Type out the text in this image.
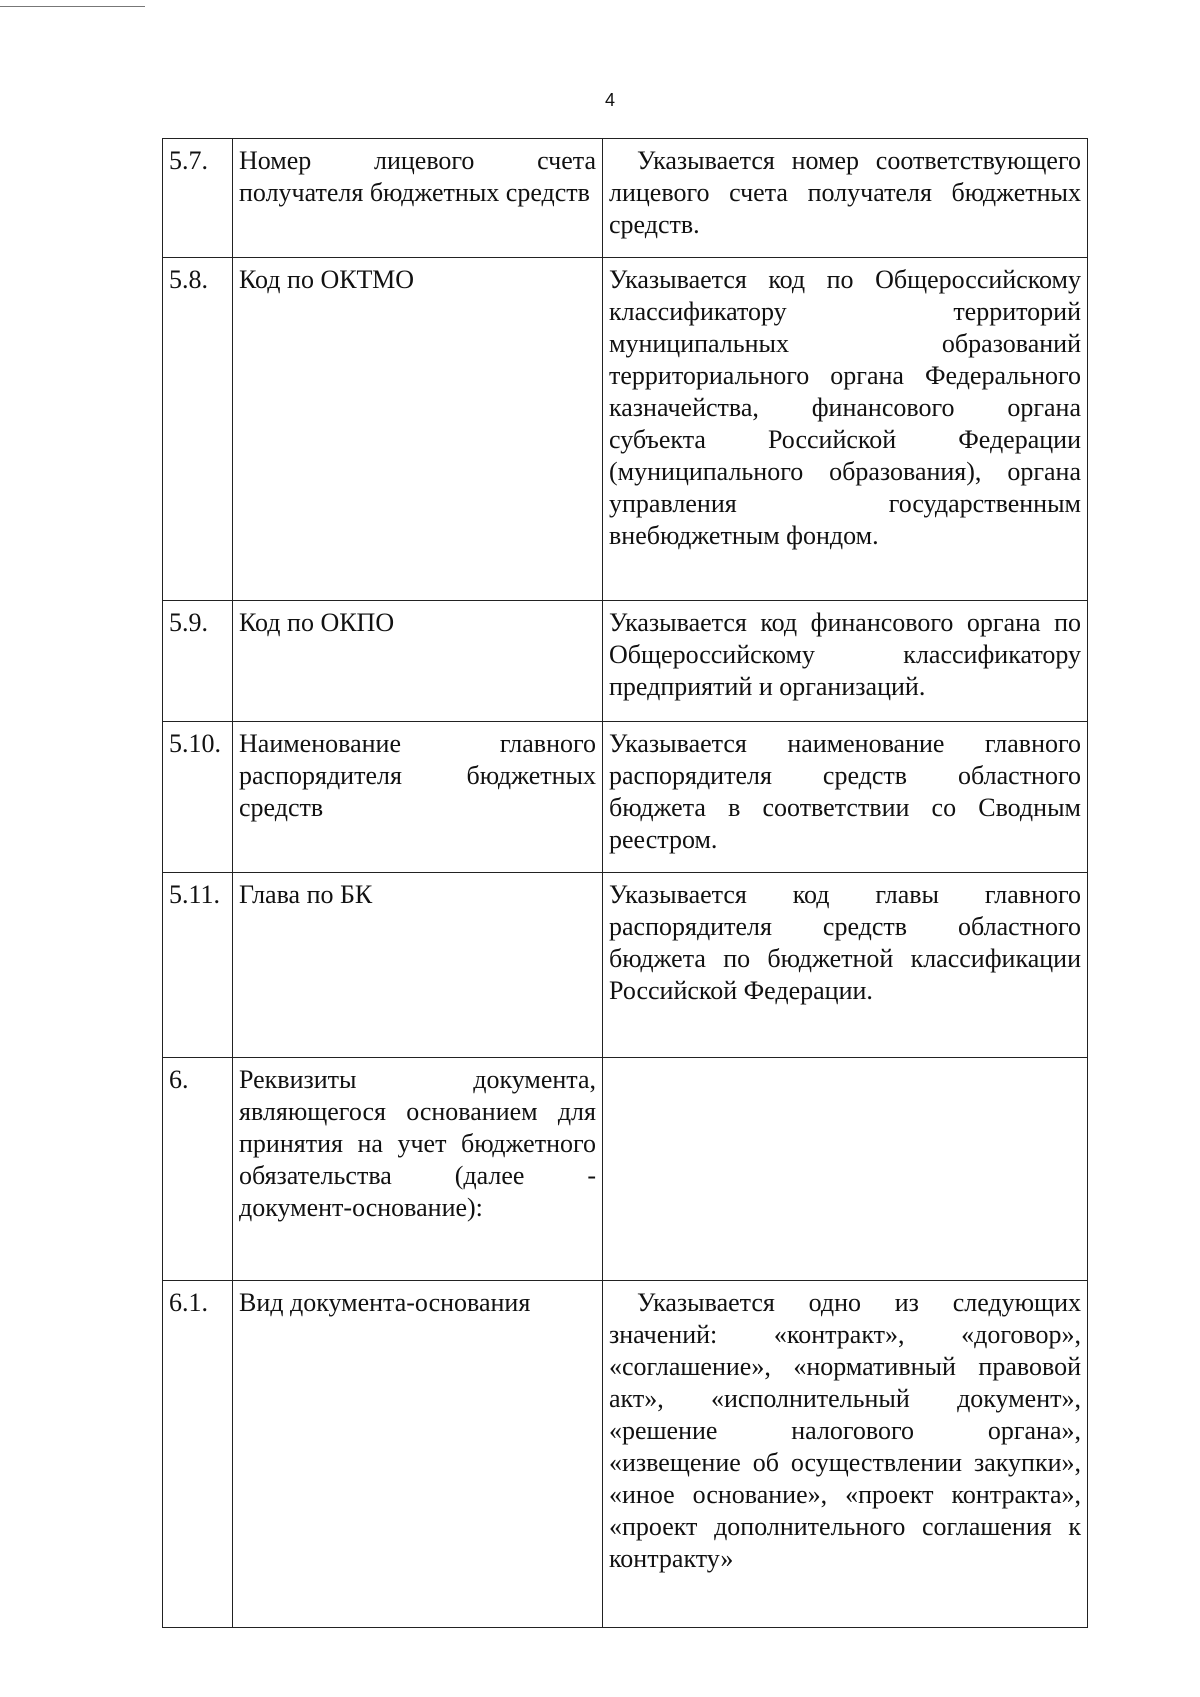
4
5.7.	Номер лицевого счета получателя бюджетных средств	Указывается номер соответствующего лицевого счета получателя бюджетных средств.

5.8.	Код по ОКТМО	Указывается код по Общероссийскому классификатору территорий муниципальных образований территориального органа Федерального казначейства, финансового органа субъекта Российской Федерации (муниципального образования), органа управления государственным внебюджетным фондом.
5.9.	Код по ОКПО	Указывается код финансового органа по Общероссийскому классификатору предприятий и организаций.
5.10.	Наименование главного распорядителя бюджетных средств	Указывается наименование главного распорядителя средств областного бюджета в соответствии со Сводным реестром.
5.11.	Глава по БК	Указывается код главы главного распорядителя средств областного бюджета по бюджетной классификации Российской Федерации.
6.	Реквизиты документа, являющегося основанием для принятия на учет бюджетного обязательства (далее - документ-основание):	
6.1.	Вид документа-основания	Указывается одно из следующих значений: «контракт», «договор», «соглашение», «нормативный правовой акт», «исполнительный документ», «решение налогового органа», «извещение об осуществлении закупки», «иное основание», «проект контракта», «проект дополнительного соглашения к контракту»
